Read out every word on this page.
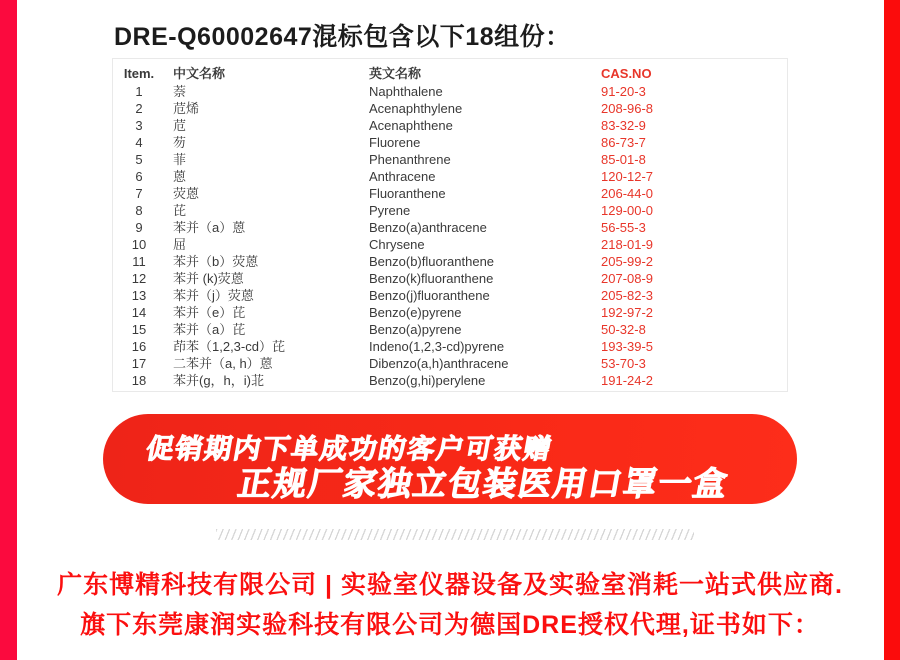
DRE-Q60002647混标包含以下18组份：
Item.	中文名称	英文名称	CAS.NO
1	萘	Naphthalene	91-20-3
2	苊烯	Acenaphthylene	208-96-8
3	苊	Acenaphthene	83-32-9
4	芴	Fluorene	86-73-7
5	菲	Phenanthrene	85-01-8
6	蒽	Anthracene	120-12-7
7	荧蒽	Fluoranthene	206-44-0
8	芘	Pyrene	129-00-0
9	苯并（a）蒽	Benzo(a)anthracene	56-55-3
10	屈	Chrysene	218-01-9
11	苯并（b）荧蒽	Benzo(b)fluoranthene	205-99-2
12	苯并 (k)荧蒽	Benzo(k)fluoranthene	207-08-9
13	苯并（j）荧蒽	Benzo(j)fluoranthene	205-82-3
14	苯并（e）芘	Benzo(e)pyrene	192-97-2
15	苯并（a）芘	Benzo(a)pyrene	50-32-8
16	茚苯（1,2,3-cd）芘	Indeno(1,2,3-cd)pyrene	193-39-5
17	二苯并（a, h）蒽	Dibenzo(a,h)anthracene	53-70-3
18	苯并(g，h，i)苝	Benzo(g,hi)perylene	191-24-2
促销期内下单成功的客户可获赠
正规厂家独立包装医用口罩一盒
广东博精科技有限公司 | 实验室仪器设备及实验室消耗一站式供应商.
旗下东莞康润实验科技有限公司为德国DRE授权代理,证书如下：
